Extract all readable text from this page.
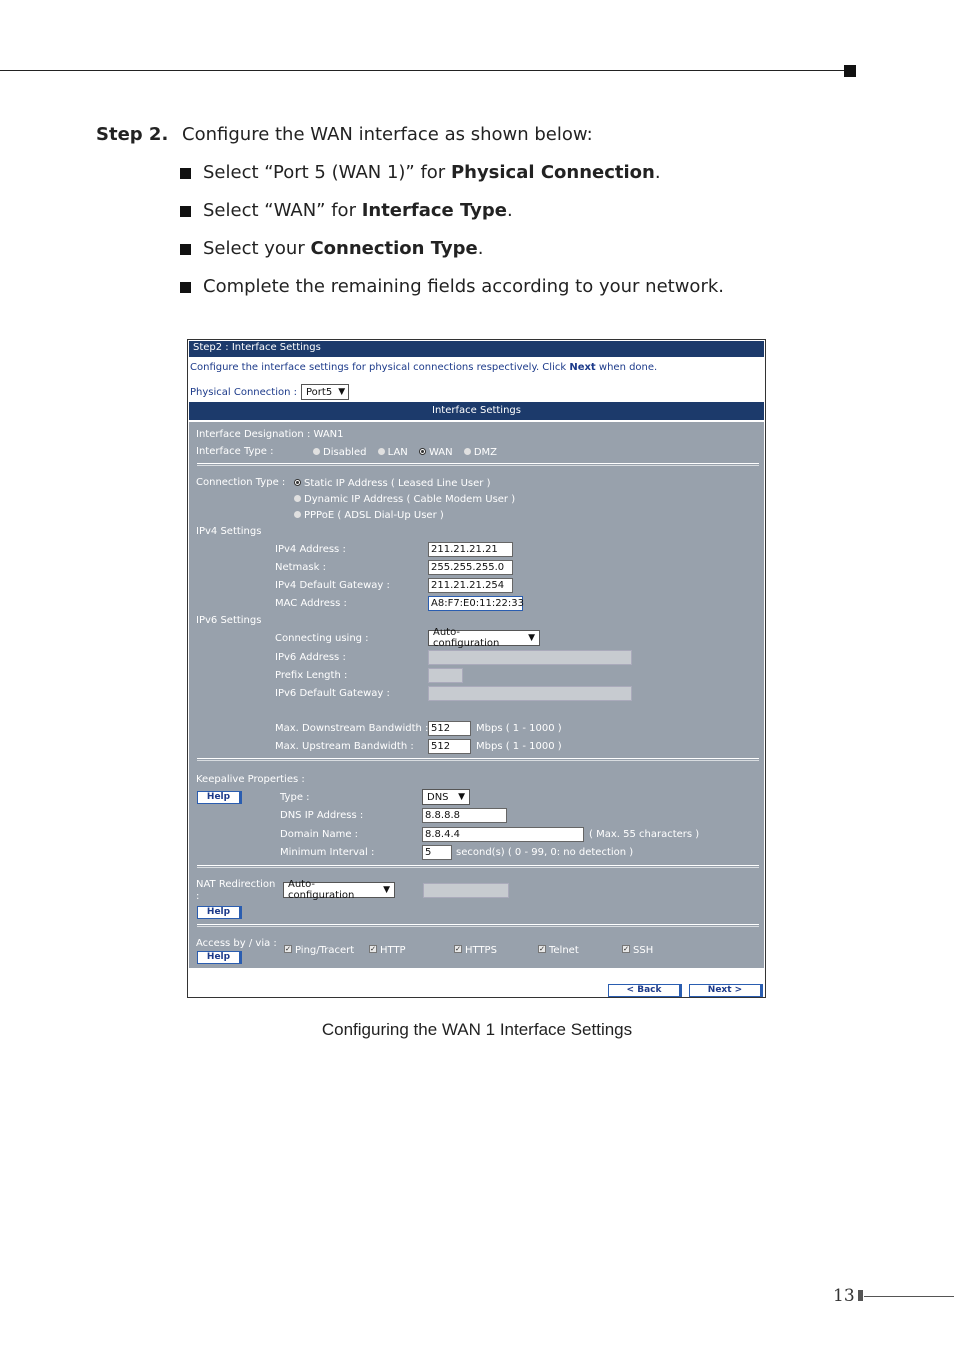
Step 2. Configure the WAN interface as shown below:
Select “Port 5 (WAN 1)” for Physical Connection.
Select “WAN” for Interface Type.
Select your Connection Type.
Complete the remaining fields according to your network.
Step2 : Interface Settings
Configure the interface settings for physical connections respectively. Click Next when done.
Physical Connection : Port5 ▼
Interface Settings
Interface Designation : WAN1
Interface Type :	Disabled LAN WAN DMZ
Connection Type :	Static IP Address ( Leased Line User )
Dynamic IP Address ( Cable Modem User )
PPPoE ( ADSL Dial-Up User )
IPv4 Settings
IPv4 Address :	211.21.21.21
Netmask :	255.255.255.0
IPv4 Default Gateway :	211.21.21.254
MAC Address :	A8:F7:E0:11:22:33
IPv6 Settings
Connecting using :
Auto-configuration	▼
IPv6 Address :
Prefix Length :
IPv6 Default Gateway :
Max. Downstream Bandwidth : 512	Mbps ( 1 - 1000 )
Max. Upstream Bandwidth :	512	Mbps ( 1 - 1000 )
Keepalive Properties :
Help	Type :	DNS ▼
DNS IP Address :	8.8.8.8
Domain Name :	8.8.4.4	( Max. 55 characters )
Minimum Interval :	5	second(s) ( 0 - 99, 0: no detection )
NAT Redirection
:
Auto-configuration	▼
Help
Access by / via :
Help
✓ Ping/Tracert ✓ HTTP	✓ HTTPS	✓ Telnet	✓ SSH
< Back	Next >
Configuring the WAN 1 Interface Settings
13
